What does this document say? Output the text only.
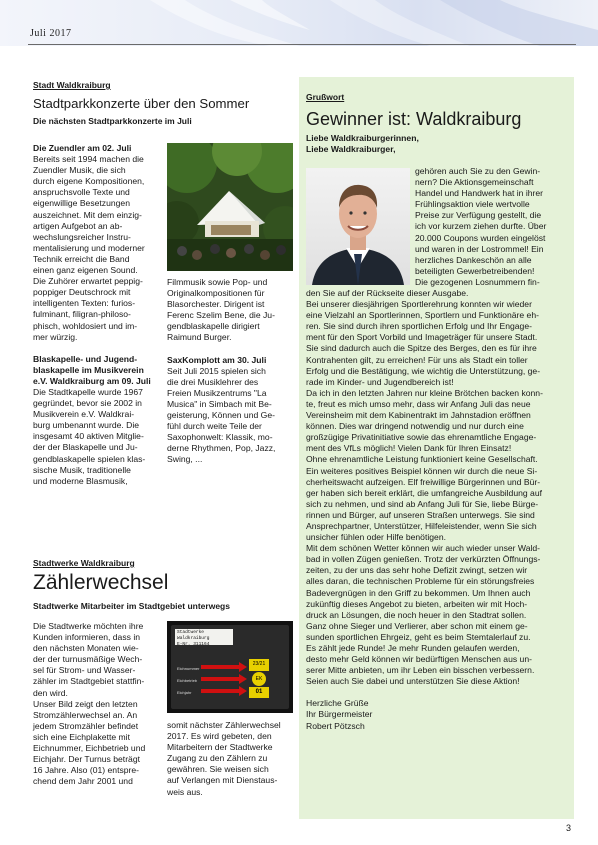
Juli 2017
Stadt Waldkraiburg
Stadtparkkonzerte über den Sommer
Die nächsten Stadtparkkonzerte im Juli

Die Zuendler am 02. Juli

Bereits seit 1994 machen die

Zuendler Musik, die sich

durch eigene Kompositionen,

anspruchsvolle Texte und

eigenwillige Besetzungen

auszeichnet. Mit dem einzig-

artigen Aufgebot an ab-

wechslungsreicher Instru-

mentalisierung und moderner

Technik erreicht die Band

einen ganz eigenen Sound.

Die Zuhörer erwartet peppig-

poppiger Deutschrock mit

intelligenten Texten: furios-

fulminant, filigran-philoso-

phisch, wohldosiert und im-

mer würzig.

Blaskapelle- und Jugend-

blaskapelle im Musikverein

e.V. Waldkraiburg am 09. Juli

Die Stadtkapelle wurde 1967

gegründet, bevor sie 2002 in

Musikverein e.V. Waldkrai-

burg umbenannt wurde. Die

insgesamt 40 aktiven Mitglie-

der der Blaskapelle und Ju-

gendblaskapelle spielen klas-

sische Musik, traditionelle

und moderne Blasmusik,

Filmmusik sowie Pop- und

Originalkompositionen für

Blasorchester. Dirigent ist

Ferenc Szelim Bene, die Ju-

gendblaskapelle dirigiert

Raimund Burger.

SaxKomplott am 30. Juli

Seit Juli 2015 spielen sich

die drei Musiklehrer des

Freien Musikzentrums "La

Musica" in Simbach mit Be-

geisterung, Können und Ge-

fühl durch weite Teile der

Saxophonwelt: Klassik, mo-

derne Rhythmen, Pop, Jazz,

Swing, ...

Stadtwerke Waldkraiburg
Zählerwechsel
Stadtwerke Mitarbeiter im Stadtgebiet unterwegs

Die Stadtwerke möchten ihre

Kunden informieren, dass in

den nächsten Monaten wie-

der der turnusmäßige Wech-

sel für Strom- und Wasser-

zähler im Stadtgebiet stattfin-

den wird.

Unser Bild zeigt den letzten

Stromzählerwechsel an. An

jedem Stromzähler befindet

sich eine Eichplakette mit

Eichnummer, Eichbetrieb und

Eichjahr. Der Turnus beträgt

16 Jahre. Also (01) entspre-

chend dem Jahr 2001 und

Stadtwerke Waldkraiburg
E-Nr. 311164
Eichnummer
Eichbetrieb
Eichjahr
23/21
EK
01

somit nächster Zählerwechsel

2017. Es wird gebeten, den

Mitarbeitern der Stadtwerke

Zugang zu den Zählern zu

gewähren. Sie weisen sich

auf Verlangen mit Dienstaus-

weis aus.

Grußwort
Gewinner ist: Waldkraiburg
Liebe Waldkraiburgerinnen,
Liebe Waldkraiburger,

gehören auch Sie zu den Gewin-

nern? Die Aktionsgemeinschaft

Handel und Handwerk hat in ihrer

Frühlingsaktion viele wertvolle

Preise zur Verfügung gestellt, die

ich vor kurzem ziehen durfte. Über

20.000 Coupons wurden eingelöst

und waren in der Lostrommel! Ein

herzliches Dankeschön an alle

beteiligten Gewerbetreibenden!

Die gezogenen Losnummern fin-

den Sie auf der Rückseite dieser Ausgabe.

Bei unserer diesjährigen Sportlerehrung konnten wir wieder

eine Vielzahl an Sportlerinnen, Sportlern und Funktionäre eh-

ren. Sie sind durch ihren sportlichen Erfolg und Ihr Engage-

ment für den Sport Vorbild und Imageträger für unsere Stadt.

Sie sind dadurch auch die Spitze des Berges, den es für ihre

Kontrahenten gilt, zu erreichen! Für uns als Stadt ein toller

Erfolg und die Bestätigung, wie wichtig die Unterstützung, ge-

rade im Kinder- und Jugendbereich ist!

Da ich in den letzten Jahren nur kleine Brötchen backen konn-

te, freut es mich umso mehr, dass wir Anfang Juli das neue

Vereinsheim mit dem Kabinentrakt im Jahnstadion eröffnen

können. Dies war dringend notwendig und nur durch eine

großzügige Privatinitiative sowie das ehrenamtliche Engage-

ment des VfLs möglich! Vielen Dank für Ihren Einsatz!

Ohne ehrenamtliche Leistung funktioniert keine Gesellschaft.

Ein weiteres positives Beispiel können wir durch die neue Si-

cherheitswacht aufzeigen. Elf freiwillige Bürgerinnen und Bür-

ger haben sich bereit erklärt, die umfangreiche Ausbildung auf

sich zu nehmen, und sind ab Anfang Juli für Sie, liebe Bürge-

rinnen und Bürger, auf unseren Straßen unterwegs. Sie sind

Ansprechpartner, Unterstützer, Hilfeleistender, wenn Sie sich

unsicher fühlen oder Hilfe benötigen.

Mit dem schönen Wetter können wir auch wieder unser Wald-

bad in vollen Zügen genießen. Trotz der verkürzten Öffnungs-

zeiten, zu der uns das sehr hohe Defizit zwingt, setzen wir

alles daran, die technischen Probleme für ein störungsfreies

Badevergnügen in den Griff zu bekommen. Um Ihnen auch

zukünftig dieses Angebot zu bieten, arbeiten wir mit Hoch-

druck an Lösungen, die noch heuer in den Stadtrat sollen.

Ganz ohne Sieger und Verlierer, aber schon mit einem ge-

sunden sportlichen Ehrgeiz, geht es beim Stemtalerlauf zu.

Es zählt jede Runde! Je mehr Runden gelaufen werden,

desto mehr Geld können wir bedürftigen Menschen aus un-

serer Mitte anbieten, um ihr Leben ein bisschen verbessern.

Seien auch Sie dabei und unterstützen Sie diese Aktion!

Herzliche Grüße

Ihr Bürgermeister

Robert Pötzsch

3
